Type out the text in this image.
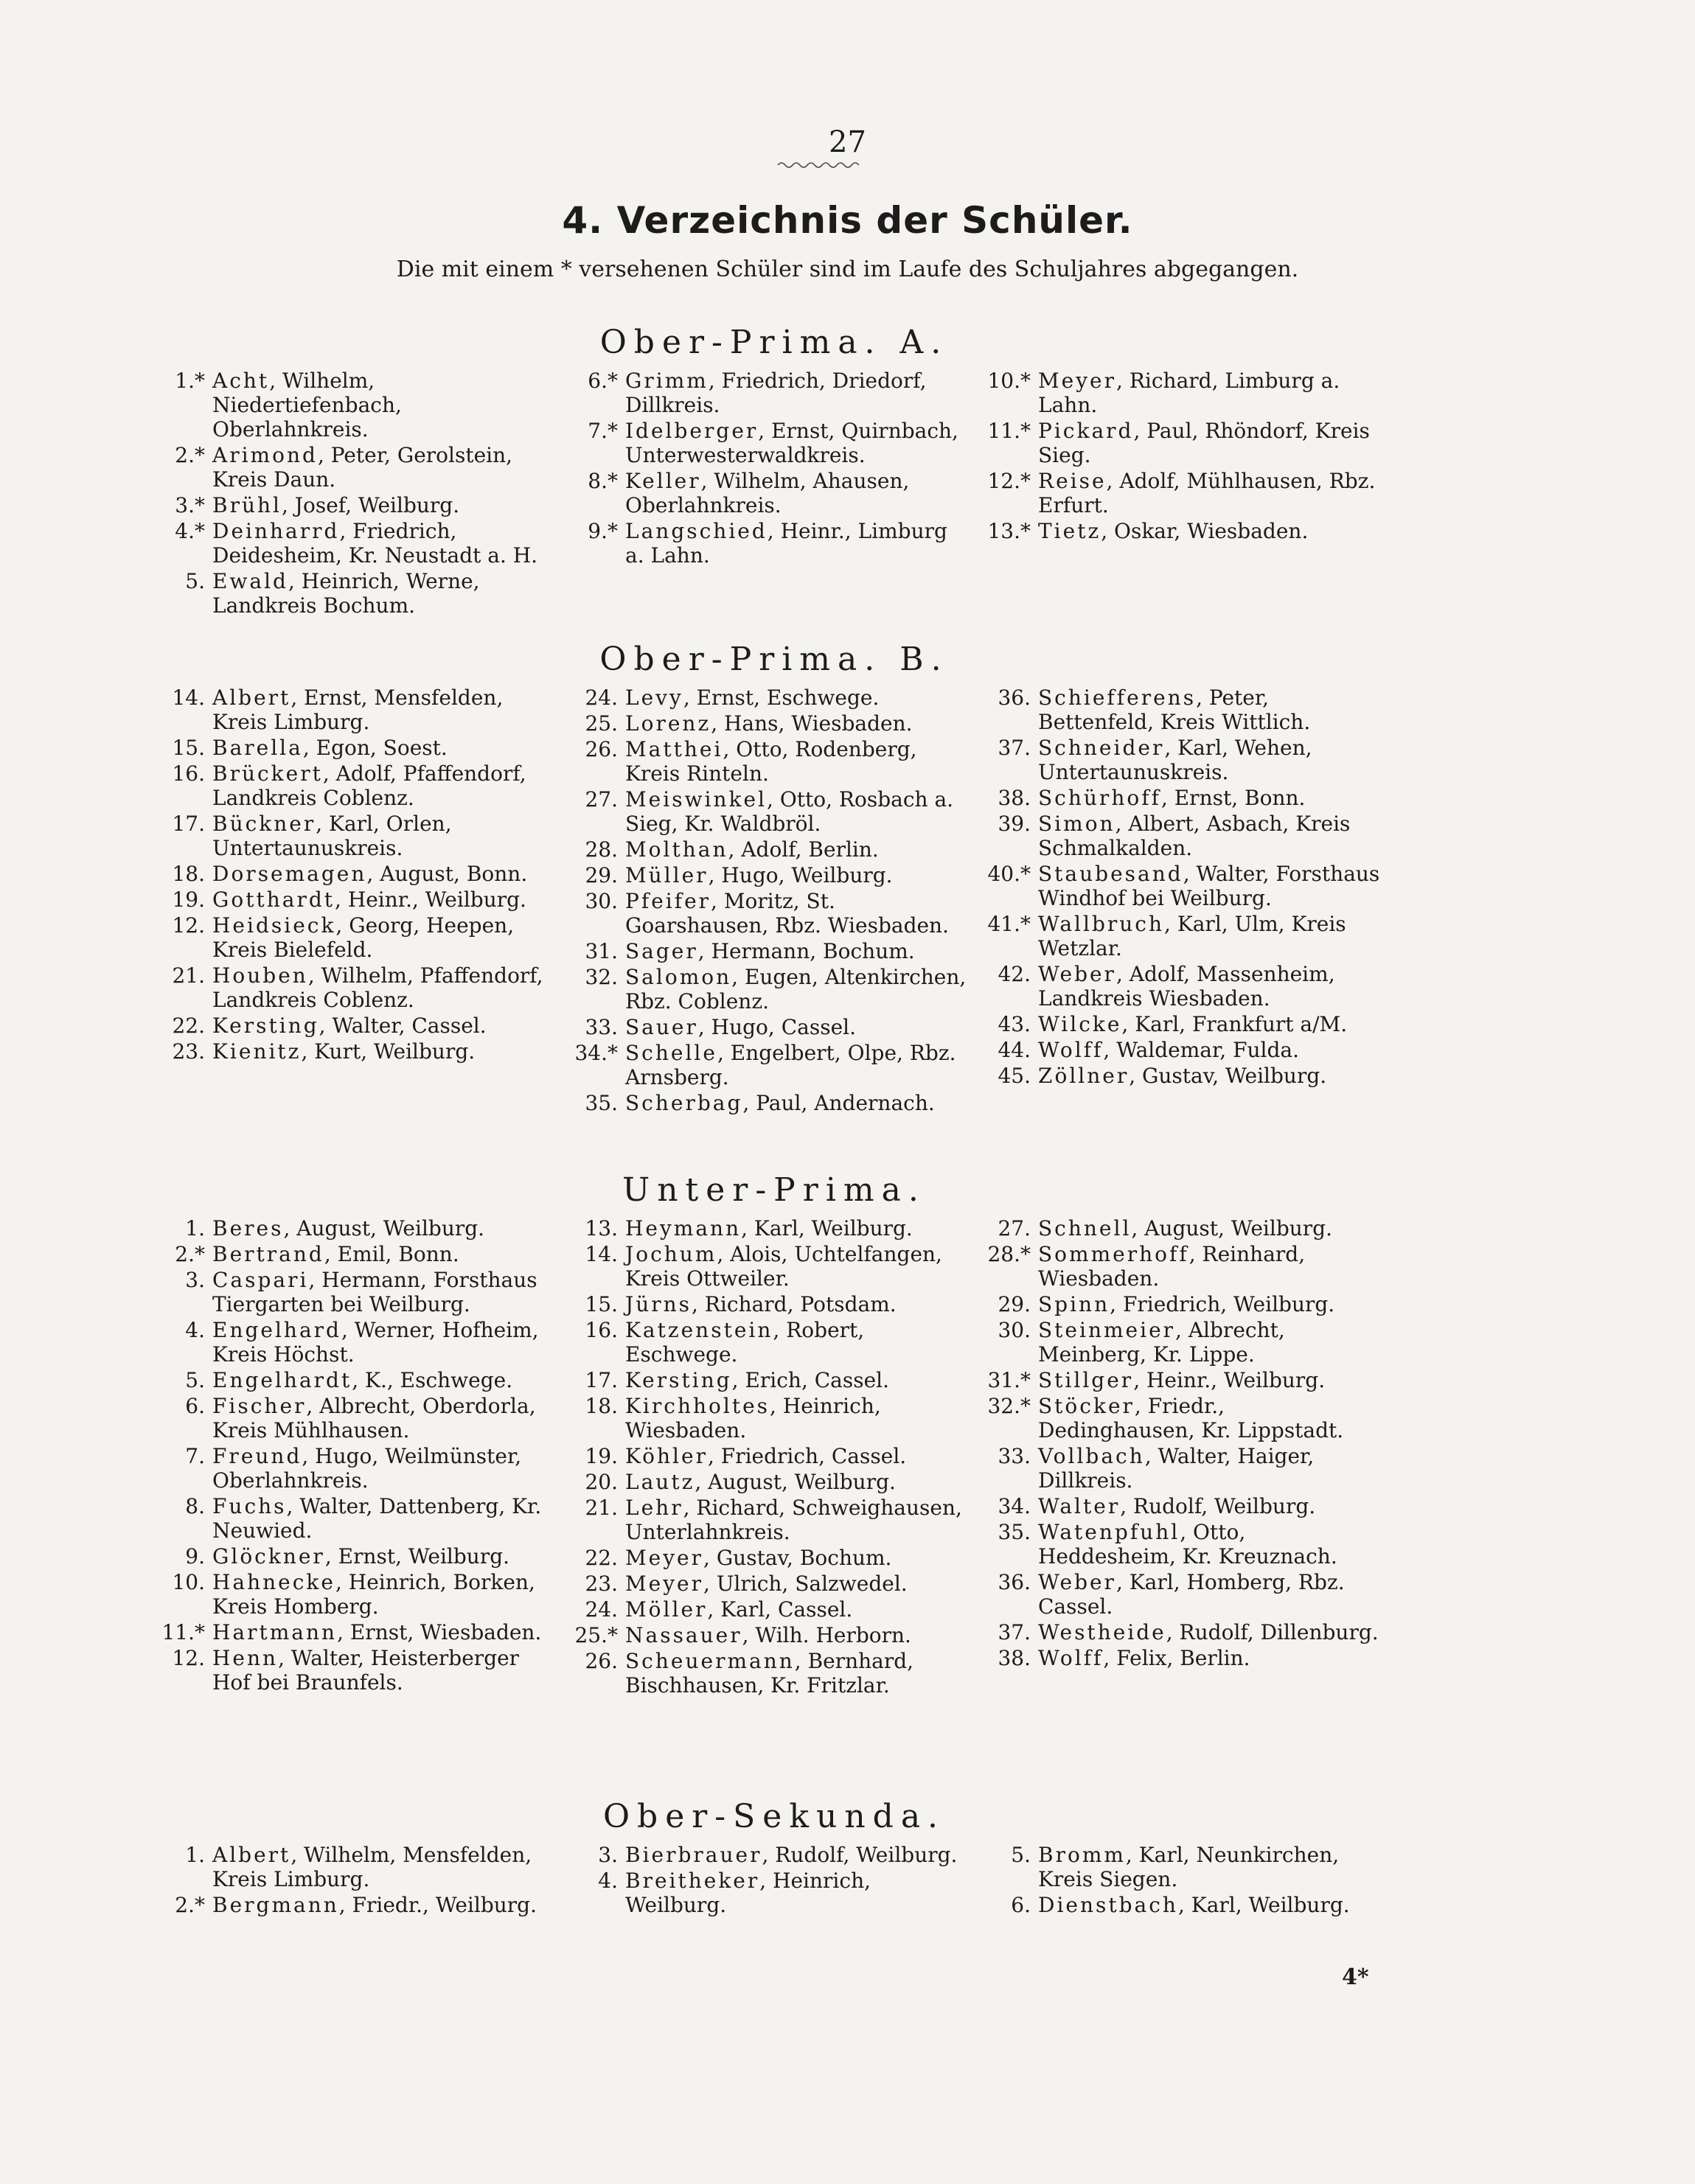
27
4. Verzeichnis der Schüler.
Die mit einem * versehenen Schüler sind im Laufe des Schuljahres abgegangen.
Ober-Prima. A.
1.* Acht, Wilhelm, Niedertiefenbach, Oberlahnkreis.
2.* Arimond, Peter, Gerolstein, Kreis Daun.
3.* Brühl, Josef, Weilburg.
4.* Deinharrd, Friedrich, Deidesheim, Kr. Neustadt a. H.
5. Ewald, Heinrich, Werne, Landkreis Bochum.
6.* Grimm, Friedrich, Driedorf, Dillkreis.
7.* Idelberger, Ernst, Quirnbach, Unterwesterwaldkreis.
8.* Keller, Wilhelm, Ahausen, Oberlahnkreis.
9.* Langschied, Heinr., Limburg a. Lahn.
10.* Meyer, Richard, Limburg a. Lahn.
11.* Pickard, Paul, Rhöndorf, Kreis Sieg.
12.* Reise, Adolf, Mühlhausen, Rbz. Erfurt.
13.* Tietz, Oskar, Wiesbaden.
Ober-Prima. B.
14. Albert, Ernst, Mensfelden, Kreis Limburg.
15. Barella, Egon, Soest.
16. Brückert, Adolf, Pfaffendorf, Landkreis Coblenz.
17. Bückner, Karl, Orlen, Untertaunuskreis.
18. Dorsemagen, August, Bonn.
19. Gotthardt, Heinr., Weilburg.
12. Heidsieck, Georg, Heepen, Kreis Bielefeld.
21. Houben, Wilhelm, Pfaffendorf, Landkreis Coblenz.
22. Kersting, Walter, Cassel.
23. Kienitz, Kurt, Weilburg.
24. Levy, Ernst, Eschwege.
25. Lorenz, Hans, Wiesbaden.
26. Matthei, Otto, Rodenberg, Kreis Rinteln.
27. Meiswinkel, Otto, Rosbach a. Sieg, Kr. Waldbröl.
28. Molthan, Adolf, Berlin.
29. Müller, Hugo, Weilburg.
30. Pfeifer, Moritz, St. Goarshausen, Rbz. Wiesbaden.
31. Sager, Hermann, Bochum.
32. Salomon, Eugen, Altenkirchen, Rbz. Coblenz.
33. Sauer, Hugo, Cassel.
34.* Schelle, Engelbert, Olpe, Rbz. Arnsberg.
35. Scherbag, Paul, Andernach.
36. Schiefferens, Peter, Bettenfeld, Kreis Wittlich.
37. Schneider, Karl, Wehen, Untertaunuskreis.
38. Schürhoff, Ernst, Bonn.
39. Simon, Albert, Asbach, Kreis Schmalkalden.
40.* Staubesand, Walter, Forsthaus Windhof bei Weilburg.
41.* Wallbruch, Karl, Ulm, Kreis Wetzlar.
42. Weber, Adolf, Massenheim, Landkreis Wiesbaden.
43. Wilcke, Karl, Frankfurt a/M.
44. Wolff, Waldemar, Fulda.
45. Zöllner, Gustav, Weilburg.
Unter-Prima.
1. Beres, August, Weilburg.
2.* Bertrand, Emil, Bonn.
3. Caspari, Hermann, Forsthaus Tiergarten bei Weilburg.
4. Engelhard, Werner, Hofheim, Kreis Höchst.
5. Engelhardt, K., Eschwege.
6. Fischer, Albrecht, Oberdorla, Kreis Mühlhausen.
7. Freund, Hugo, Weilmünster, Oberlahnkreis.
8. Fuchs, Walter, Dattenberg, Kr. Neuwied.
9. Glöckner, Ernst, Weilburg.
10. Hahnecke, Heinrich, Borken, Kreis Homberg.
11.* Hartmann, Ernst, Wiesbaden.
12. Henn, Walter, Heisterberger Hof bei Braunfels.
13. Heymann, Karl, Weilburg.
14. Jochum, Alois, Uchtelfangen, Kreis Ottweiler.
15. Jürns, Richard, Potsdam.
16. Katzenstein, Robert, Eschwege.
17. Kersting, Erich, Cassel.
18. Kirchholtes, Heinrich, Wiesbaden.
19. Köhler, Friedrich, Cassel.
20. Lautz, August, Weilburg.
21. Lehr, Richard, Schweighausen, Unterlahnkreis.
22. Meyer, Gustav, Bochum.
23. Meyer, Ulrich, Salzwedel.
24. Möller, Karl, Cassel.
25.* Nassauer, Wilh. Herborn.
26. Scheuermann, Bernhard, Bischhausen, Kr. Fritzlar.
27. Schnell, August, Weilburg.
28.* Sommerhoff, Reinhard, Wiesbaden.
29. Spinn, Friedrich, Weilburg.
30. Steinmeier, Albrecht, Meinberg, Kr. Lippe.
31.* Stillger, Heinr., Weilburg.
32.* Stöcker, Friedr., Dedinghausen, Kr. Lippstadt.
33. Vollbach, Walter, Haiger, Dillkreis.
34. Walter, Rudolf, Weilburg.
35. Watenpfuhl, Otto, Heddesheim, Kr. Kreuznach.
36. Weber, Karl, Homberg, Rbz. Cassel.
37. Westheide, Rudolf, Dillenburg.
38. Wolff, Felix, Berlin.
Ober-Sekunda.
1. Albert, Wilhelm, Mensfelden, Kreis Limburg.
2.* Bergmann, Friedr., Weilburg.
3. Bierbrauer, Rudolf, Weilburg.
4. Breitheker, Heinrich, Weilburg.
5. Bromm, Karl, Neunkirchen, Kreis Siegen.
6. Dienstbach, Karl, Weilburg.
4*
